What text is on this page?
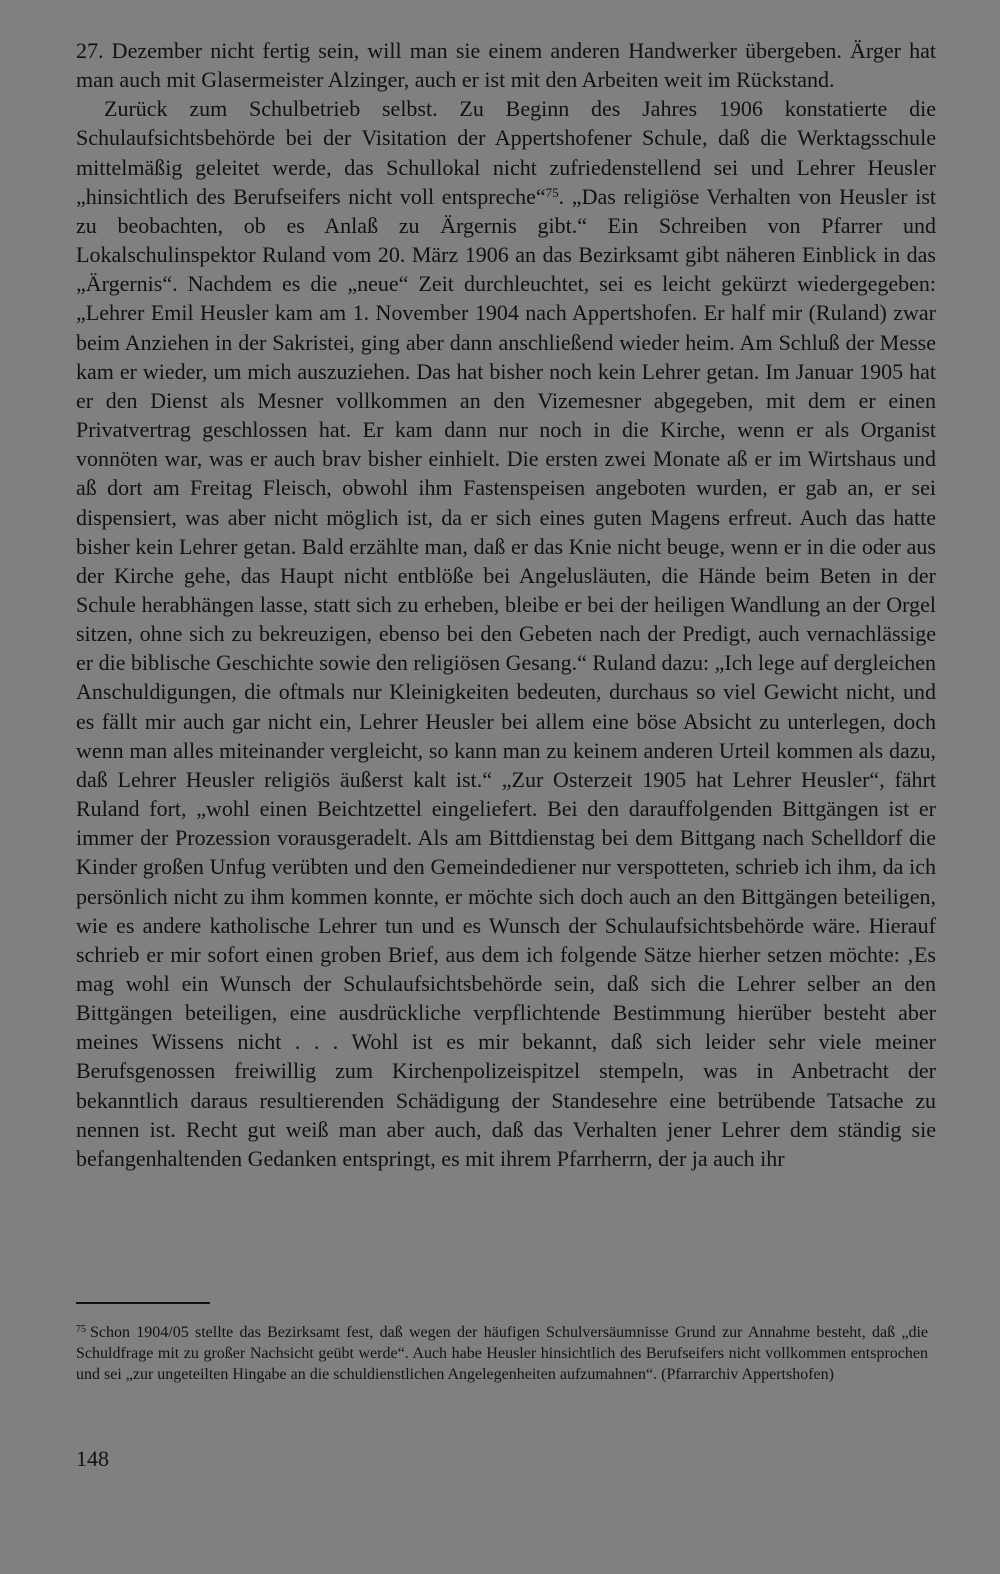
27. Dezember nicht fertig sein, will man sie einem anderen Handwerker übergeben. Ärger hat man auch mit Glasermeister Alzinger, auch er ist mit den Arbeiten weit im Rückstand.

Zurück zum Schulbetrieb selbst. Zu Beginn des Jahres 1906 konstatierte die Schulaufsichtsbehörde bei der Visitation der Appertshofener Schule, daß die Werktagsschule mittelmäßig geleitet werde, das Schullokal nicht zufriedenstellend sei und Lehrer Heusler „hinsichtlich des Berufseifers nicht voll entspreche“$^{75}$. „Das religiöse Verhalten von Heusler ist zu beobachten, ob es Anlaß zu Ärgernis gibt.“ Ein Schreiben von Pfarrer und Lokalschulinspektor Ruland vom 20. März 1906 an das Bezirksamt gibt näheren Einblick in das „Ärgernis“. Nachdem es die „neue“ Zeit durchleuchtet, sei es leicht gekürzt wiedergegeben: „Lehrer Emil Heusler kam am 1. November 1904 nach Appertshofen. Er half mir (Ruland) zwar beim Anziehen in der Sakristei, ging aber dann anschließend wieder heim. Am Schluß der Messe kam er wieder, um mich auszuziehen. Das hat bisher noch kein Lehrer getan. Im Januar 1905 hat er den Dienst als Mesner vollkommen an den Vizemesner abgegeben, mit dem er einen Privatvertrag geschlossen hat. Er kam dann nur noch in die Kirche, wenn er als Organist vonnöten war, was er auch brav bisher einhielt. Die ersten zwei Monate aß er im Wirtshaus und aß dort am Freitag Fleisch, obwohl ihm Fastenspeisen angeboten wurden, er gab an, er sei dispensiert, was aber nicht möglich ist, da er sich eines guten Magens erfreut. Auch das hatte bisher kein Lehrer getan. Bald erzählte man, daß er das Knie nicht beuge, wenn er in die oder aus der Kirche gehe, das Haupt nicht entblöße bei Angelusläuten, die Hände beim Beten in der Schule herabhängen lasse, statt sich zu erheben, bleibe er bei der heiligen Wandlung an der Orgel sitzen, ohne sich zu bekreuzigen, ebenso bei den Gebeten nach der Predigt, auch vernachlässige er die biblische Geschichte sowie den religiösen Gesang.“ Ruland dazu: „Ich lege auf dergleichen Anschuldigungen, die oftmals nur Kleinigkeiten bedeuten, durchaus so viel Gewicht nicht, und es fällt mir auch gar nicht ein, Lehrer Heusler bei allem eine böse Absicht zu unterlegen, doch wenn man alles miteinander vergleicht, so kann man zu keinem anderen Urteil kommen als dazu, daß Lehrer Heusler religiös äußerst kalt ist.“ „Zur Osterzeit 1905 hat Lehrer Heusler“, fährt Ruland fort, „wohl einen Beichtzettel eingeliefert. Bei den darauffolgenden Bittgängen ist er immer der Prozession vorausgeradelt. Als am Bittdienstag bei dem Bittgang nach Schelldorf die Kinder großen Unfug verübten und den Gemeindediener nur verspotteten, schrieb ich ihm, da ich persönlich nicht zu ihm kommen konnte, er möchte sich doch auch an den Bittgängen beteiligen, wie es andere katholische Lehrer tun und es Wunsch der Schulaufsichtsbehörde wäre. Hierauf schrieb er mir sofort einen groben Brief, aus dem ich folgende Sätze hierher setzen möchte: ‚Es mag wohl ein Wunsch der Schulaufsichtsbehörde sein, daß sich die Lehrer selber an den Bittgängen beteiligen, eine ausdrückliche verpflichtende Bestimmung hierüber besteht aber meines Wissens nicht . . . Wohl ist es mir bekannt, daß sich leider sehr viele meiner Berufsgenossen freiwillig zum Kirchenpolizeispitzel stempeln, was in Anbetracht der bekanntlich daraus resultierenden Schädigung der Standesehre eine betrübende Tatsache zu nennen ist. Recht gut weiß man aber auch, daß das Verhalten jener Lehrer dem ständig sie befangenhaltenden Gedanken entspringt, es mit ihrem Pfarrherrn, der ja auch ihr

$^{75}$ Schon 1904/05 stellte das Bezirksamt fest, daß wegen der häufigen Schulversäumnisse Grund zur Annahme besteht, daß „die Schuldfrage mit zu großer Nachsicht geübt werde“. Auch habe Heusler hinsichtlich des Berufseifers nicht vollkommen entsprochen und sei „zur ungeteilten Hingabe an die schuldienstlichen Angelegenheiten aufzumahnen“. (Pfarrarchiv Appertshofen)
148
